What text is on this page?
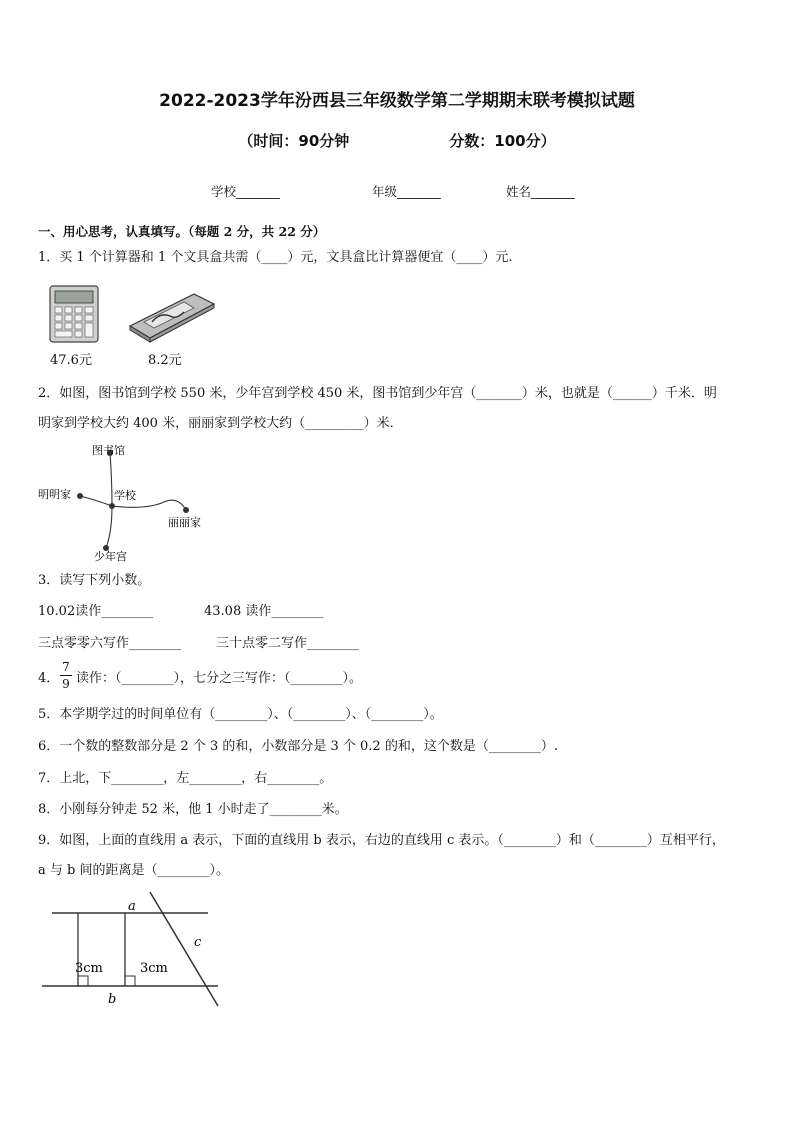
2022-2023学年汾西县三年级数学第二学期期末联考模拟试题
（时间：90分钟	分数：100分）
学校_______	年级_______	姓名_______
一、用心思考，认真填写。（每题 2 分，共 22 分）
1．买 1 个计算器和 1 个文具盒共需（____）元，文具盒比计算器便宜（____）元.
47.6元	8.2元
2．如图，图书馆到学校 550 米，少年宫到学校 450 米，图书馆到少年宫（_______）米，也就是（______）千米．明
明家到学校大约 400 米，丽丽家到学校大约（_________）米．
图书馆
明明家	学校
丽丽家
少年宫
3．读写下列小数。
10.02读作________	43.08 读作________
三点零零六写作________	三十点零二写作________
4．
7
9 读作：（________），七分之三写作：（________）。
5．本学期学过的时间单位有（________）、（________）、（________）。
6．一个数的整数部分是 2 个 3 的和，小数部分是 3 个 0.2 的和，这个数是（________）.
7．上北，下________，左________，右________。
8．小刚每分钟走 52 米，他 1 小时走了________米。
9．如图，上面的直线用 a 表示，下面的直线用 b 表示，右边的直线用 c 表示。（________）和（________）互相平行，
a 与 b 间的距离是（________）。
a
b
c
3cm	3cm
